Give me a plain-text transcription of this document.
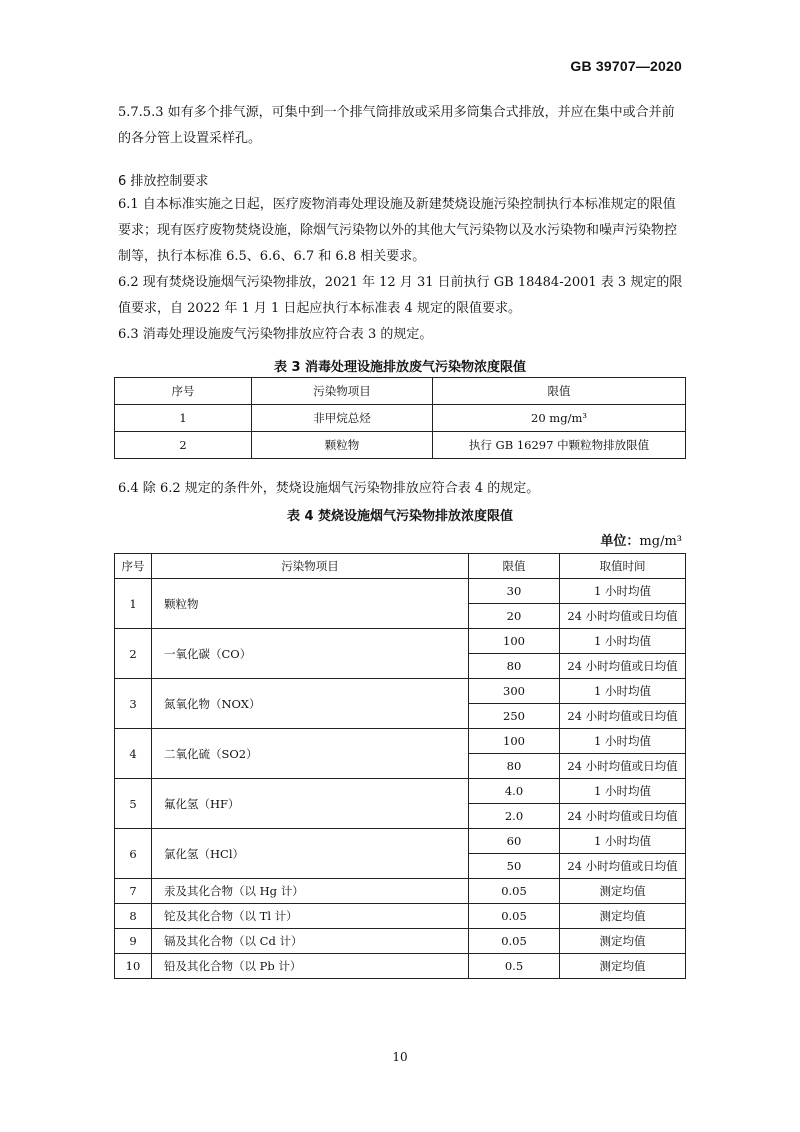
GB 39707—2020
5.7.5.3 如有多个排气源，可集中到一个排气筒排放或采用多筒集合式排放，并应在集中或合并前的各分管上设置采样孔。
6 排放控制要求
6.1 自本标准实施之日起，医疗废物消毒处理设施及新建焚烧设施污染控制执行本标准规定的限值要求；现有医疗废物焚烧设施，除烟气污染物以外的其他大气污染物以及水污染物和噪声污染物控制等，执行本标准 6.5、6.6、6.7 和 6.8 相关要求。
6.2 现有焚烧设施烟气污染物排放，2021 年 12 月 31 日前执行 GB 18484-2001 表 3 规定的限值要求，自 2022 年 1 月 1 日起应执行本标准表 4 规定的限值要求。
6.3 消毒处理设施废气污染物排放应符合表 3 的规定。
表 3 消毒处理设施排放废气污染物浓度限值
序号	污染物项目	限值
1	非甲烷总烃	20 mg/m³
2	颗粒物	执行 GB 16297 中颗粒物排放限值
6.4 除 6.2 规定的条件外，焚烧设施烟气污染物排放应符合表 4 的规定。
表 4 焚烧设施烟气污染物排放浓度限值
单位：mg/m³
序号	污染物项目	限值	取值时间
1	颗粒物	30	1 小时均值
		20	24 小时均值或日均值
2	一氧化碳（CO）	100	1 小时均值
		80	24 小时均值或日均值
3	氮氧化物（NOX）	300	1 小时均值
		250	24 小时均值或日均值
4	二氧化硫（SO2）	100	1 小时均值
		80	24 小时均值或日均值
5	氟化氢（HF）	4.0	1 小时均值
		2.0	24 小时均值或日均值
6	氯化氢（HCl）	60	1 小时均值
		50	24 小时均值或日均值
7	汞及其化合物（以 Hg 计）	0.05	测定均值
8	铊及其化合物（以 Tl 计）	0.05	测定均值
9	镉及其化合物（以 Cd 计）	0.05	测定均值
10	铅及其化合物（以 Pb 计）	0.5	测定均值
10
